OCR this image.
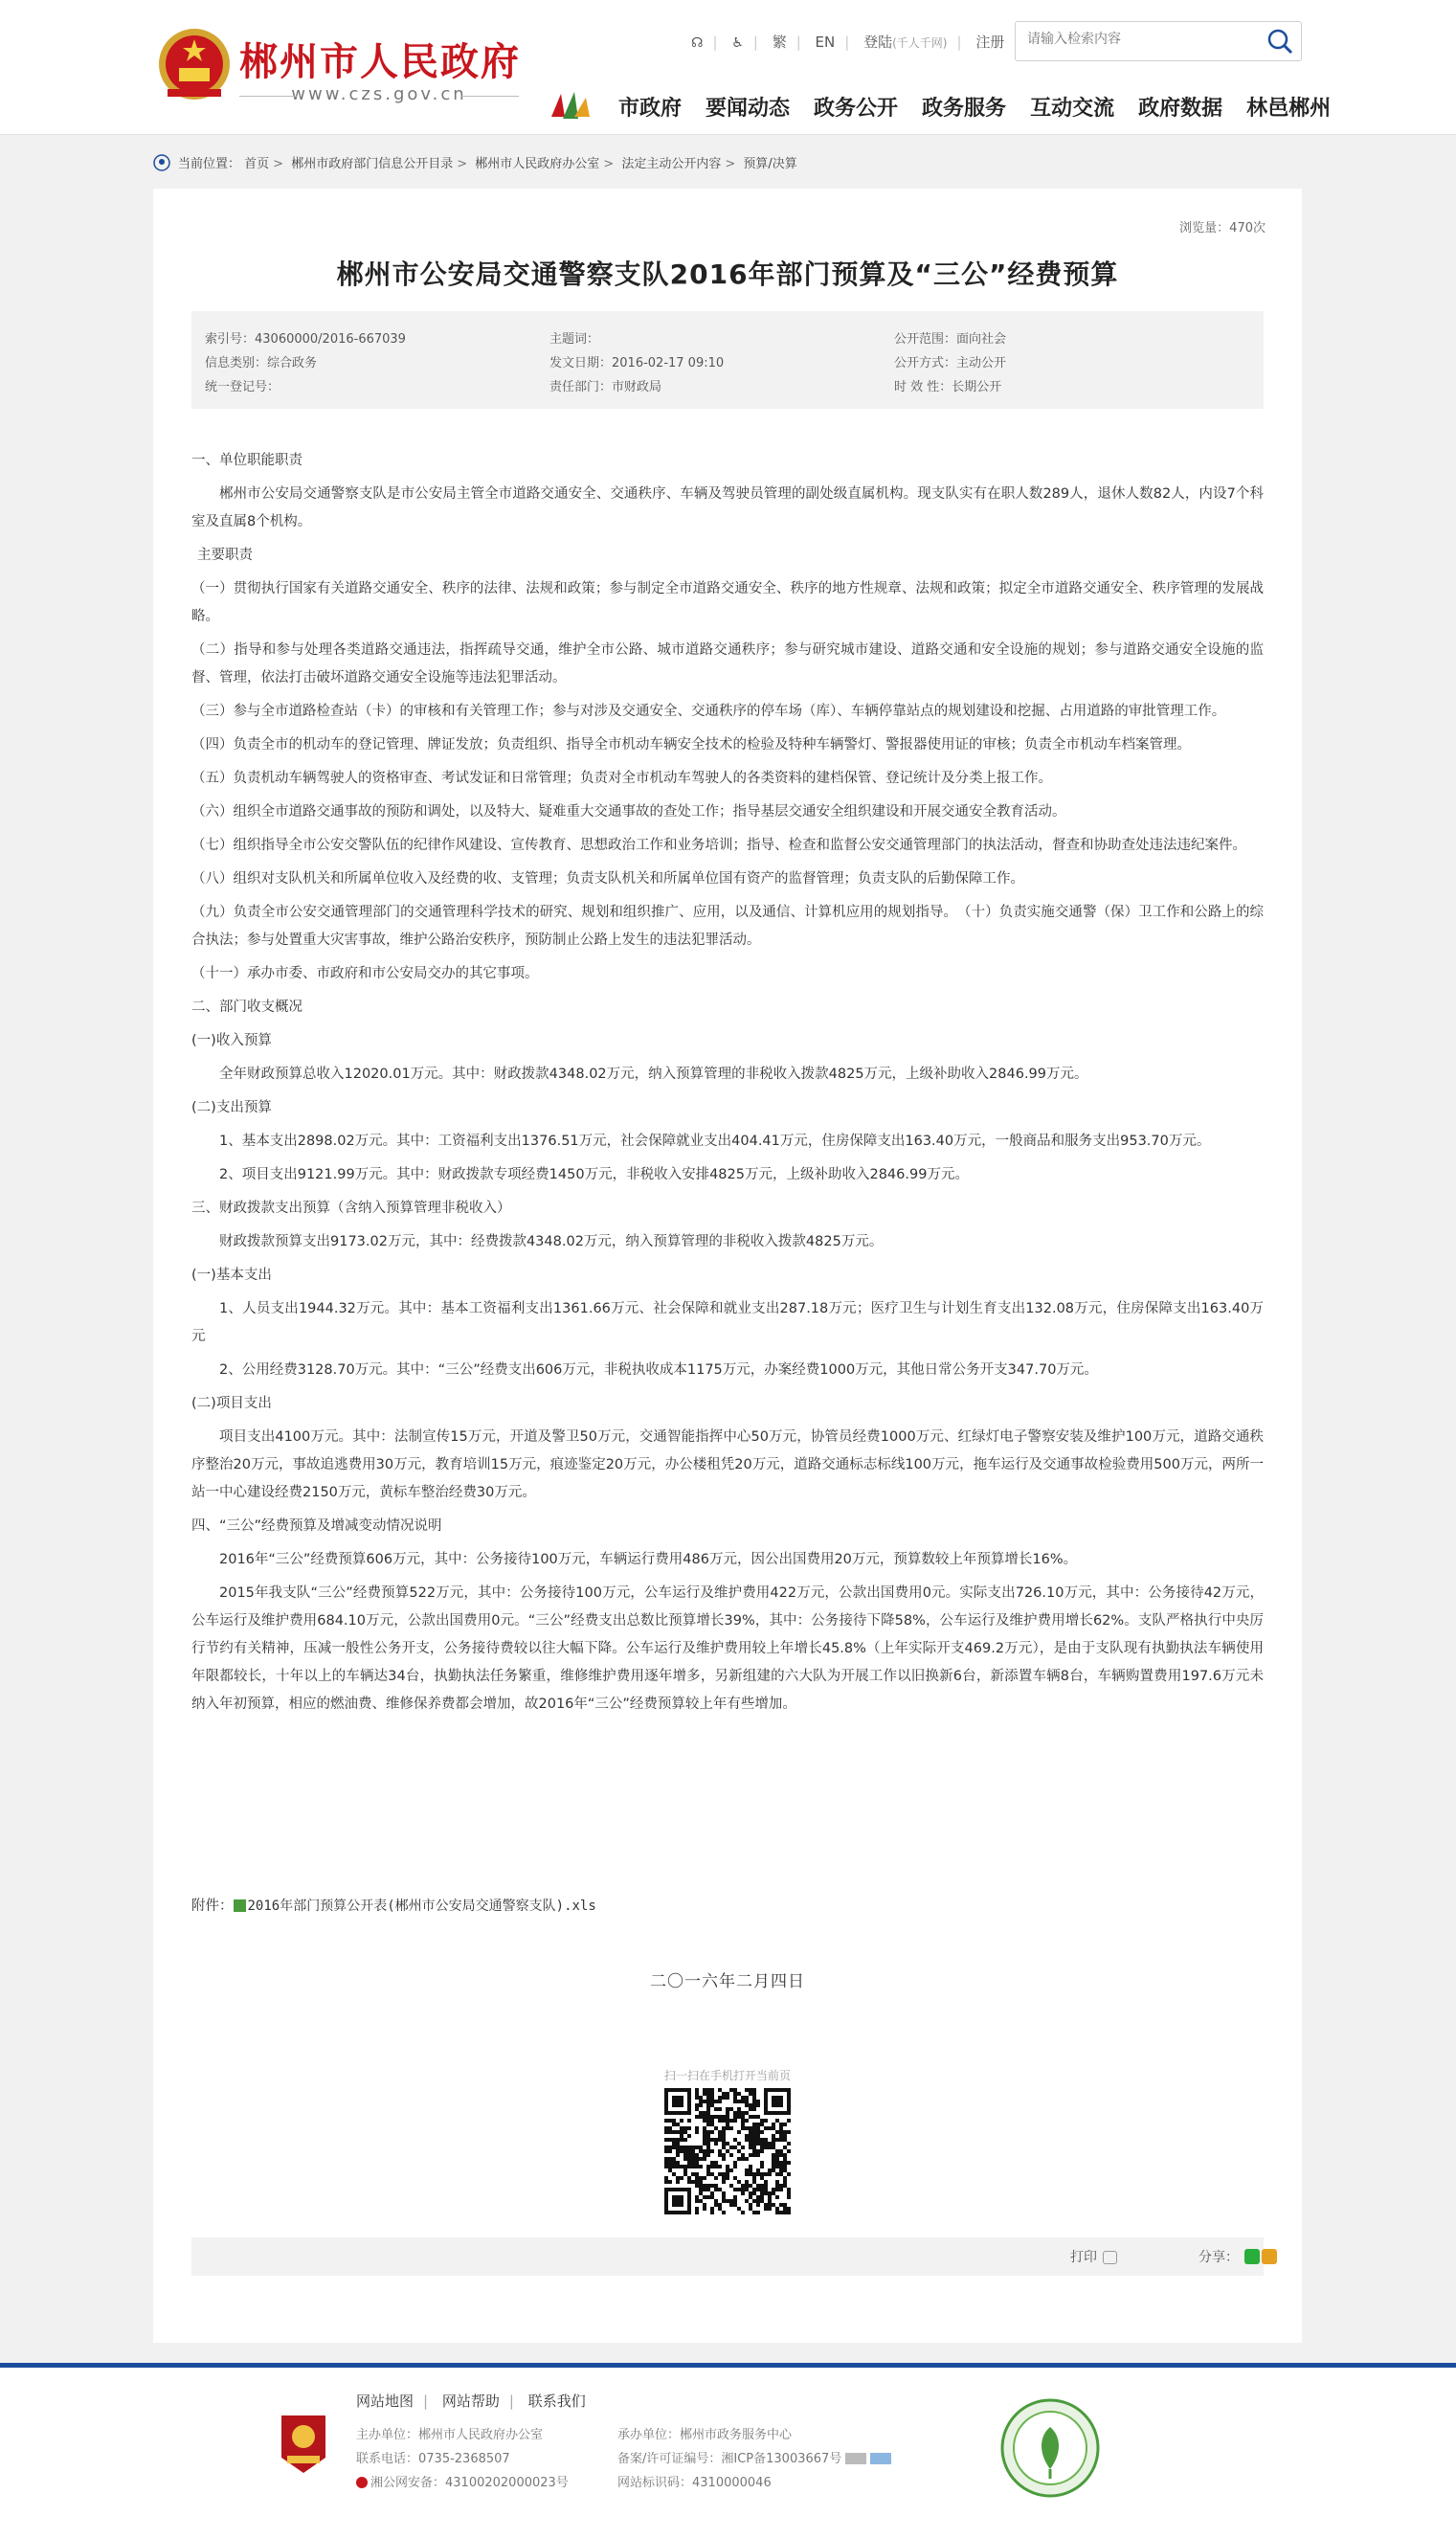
郴州市人民政府
www.czs.gov.cn
☊ | ♿ | 繁 | EN | 登陆(千人千网) | 注册
请输入检索内容
市政府 要闻动态 政务公开 政务服务 互动交流 政府数据 林邑郴州
当前位置： 首页 > 郴州市政府部门信息公开目录 > 郴州市人民政府办公室 > 法定主动公开内容 > 预算/决算
浏览量：470次
郴州市公安局交通警察支队2016年部门预算及“三公”经费预算
索引号：43060000/2016-667039
信息类别：综合政务
统一登记号：
主题词：
发文日期：2016-02-17 09:10
责任部门：市财政局
公开范围：面向社会
公开方式：主动公开
时 效 性：长期公开

一、单位职能职责

郴州市公安局交通警察支队是市公安局主管全市道路交通安全、交通秩序、车辆及驾驶员管理的副处级直属机构。现支队实有在职人数289人，退休人数82人，内设7个科室及直属8个机构。

主要职责

（一）贯彻执行国家有关道路交通安全、秩序的法律、法规和政策；参与制定全市道路交通安全、秩序的地方性规章、法规和政策；拟定全市道路交通安全、秩序管理的发展战略。

（二）指导和参与处理各类道路交通违法，指挥疏导交通，维护全市公路、城市道路交通秩序；参与研究城市建设、道路交通和安全设施的规划；参与道路交通安全设施的监督、管理，依法打击破坏道路交通安全设施等违法犯罪活动。

（三）参与全市道路检查站（卡）的审核和有关管理工作；参与对涉及交通安全、交通秩序的停车场（库）、车辆停靠站点的规划建设和挖掘、占用道路的审批管理工作。

（四）负责全市的机动车的登记管理、牌证发放；负责组织、指导全市机动车辆安全技术的检验及特种车辆警灯、警报器使用证的审核；负责全市机动车档案管理。

（五）负责机动车辆驾驶人的资格审查、考试发证和日常管理；负责对全市机动车驾驶人的各类资料的建档保管、登记统计及分类上报工作。

（六）组织全市道路交通事故的预防和调处，以及特大、疑难重大交通事故的查处工作；指导基层交通安全组织建设和开展交通安全教育活动。

（七）组织指导全市公安交警队伍的纪律作风建设、宣传教育、思想政治工作和业务培训；指导、检查和监督公安交通管理部门的执法活动，督查和协助查处违法违纪案件。

（八）组织对支队机关和所属单位收入及经费的收、支管理；负责支队机关和所属单位国有资产的监督管理；负责支队的后勤保障工作。

（九）负责全市公安交通管理部门的交通管理科学技术的研究、规划和组织推广、应用，以及通信、计算机应用的规划指导。　（十）负责实施交通警（保）卫工作和公路上的综合执法；参与处置重大灾害事故，维护公路治安秩序，预防制止公路上发生的违法犯罪活动。

（十一）承办市委、市政府和市公安局交办的其它事项。

二、部门收支概况

(一)收入预算

全年财政预算总收入12020.01万元。其中：财政拨款4348.02万元，纳入预算管理的非税收入拨款4825万元，上级补助收入2846.99万元。

(二)支出预算

1、基本支出2898.02万元。其中：工资福利支出1376.51万元，社会保障就业支出404.41万元，住房保障支出163.40万元，一般商品和服务支出953.70万元。

2、项目支出9121.99万元。其中：财政拨款专项经费1450万元，非税收入安排4825万元，上级补助收入2846.99万元。

三、财政拨款支出预算（含纳入预算管理非税收入）

财政拨款预算支出9173.02万元，其中：经费拨款4348.02万元，纳入预算管理的非税收入拨款4825万元。

(一)基本支出

1、人员支出1944.32万元。其中：基本工资福利支出1361.66万元、社会保障和就业支出287.18万元；医疗卫生与计划生育支出132.08万元，住房保障支出163.40万元

2、公用经费3128.70万元。其中：“三公”经费支出606万元，非税执收成本1175万元，办案经费1000万元，其他日常公务开支347.70万元。

(二)项目支出

项目支出4100万元。其中：法制宣传15万元，开道及警卫50万元，交通智能指挥中心50万元，协管员经费1000万元、红绿灯电子警察安装及维护100万元，道路交通秩序整治20万元，事故追逃费用30万元，教育培训15万元，痕迹鉴定20万元，办公楼租凭20万元，道路交通标志标线100万元，拖车运行及交通事故检验费用500万元，两所一站一中心建设经费2150万元，黄标车整治经费30万元。

四、“三公”经费预算及增减变动情况说明

2016年“三公”经费预算606万元，其中：公务接待100万元，车辆运行费用486万元，因公出国费用20万元，预算数较上年预算增长16%。

2015年我支队“三公”经费预算522万元，其中：公务接待100万元，公车运行及维护费用422万元，公款出国费用0元。实际支出726.10万元，其中：公务接待42万元，公车运行及维护费用684.10万元，公款出国费用0元。“三公”经费支出总数比预算增长39%，其中：公务接待下降58%，公车运行及维护费用增长62%。支队严格执行中央厉行节约有关精神，压减一般性公务开支，公务接待费较以往大幅下降。公车运行及维护费用较上年增长45.8%（上年实际开支469.2万元），是由于支队现有执勤执法车辆使用年限都较长，十年以上的车辆达34台，执勤执法任务繁重，维修维护费用逐年增多，另新组建的六大队为开展工作以旧换新6台，新添置车辆8台，车辆购置费用197.6万元未纳入年初预算，相应的燃油费、维修保养费都会增加，故2016年“三公”经费预算较上年有些增加。

附件： 2016年部门预算公开表(郴州市公安局交通警察支队).xls
二〇一六年二月四日
扫一扫在手机打开当前页
打印	分享：
网站地图 | 网站帮助 | 联系我们
主办单位：郴州市人民政府办公室
联系电话：0735-2368507
湘公网安备：43100202000023号
承办单位：郴州市政务服务中心
备案/许可证编号：湘ICP备13003667号
网站标识码：4310000046
